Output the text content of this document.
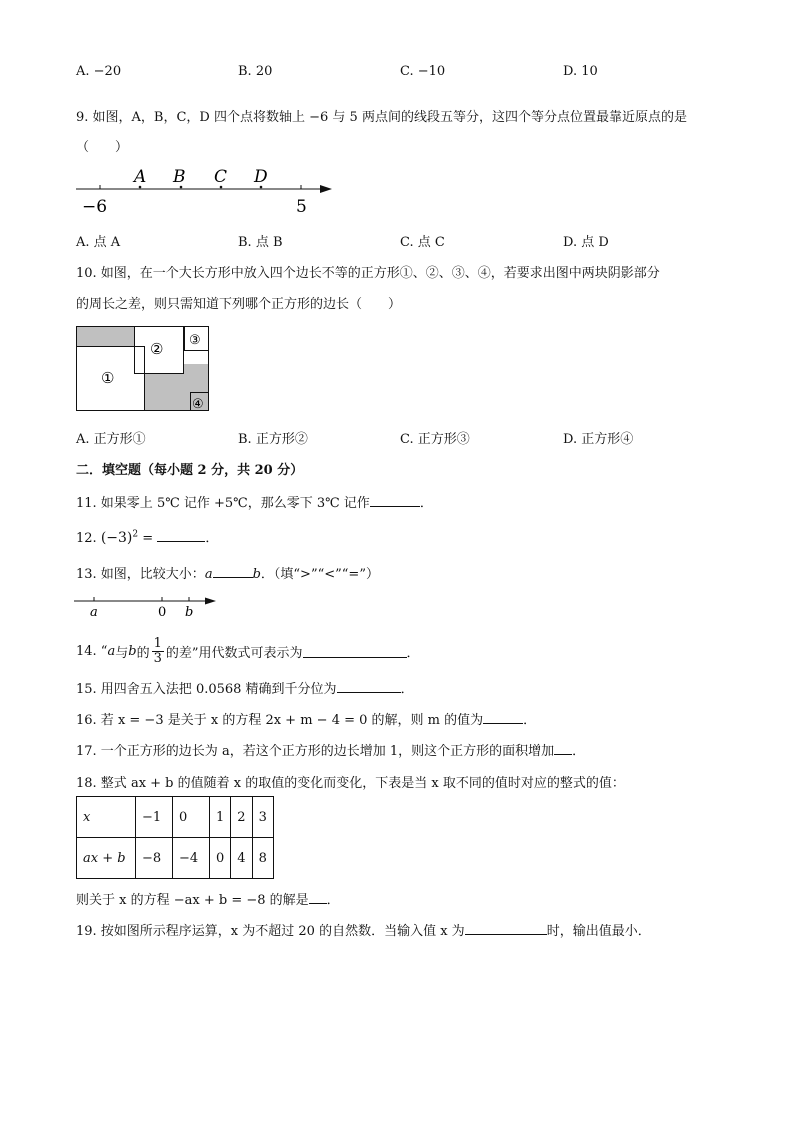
A. −20	B. 20	C. −10	D. 10
9. 如图，A，B，C，D 四个点将数轴上 −6 与 5 两点间的线段五等分，这四个等分点位置最靠近原点的是
（　　）
A B C D
−6	5
A. 点 A	B. 点 B	C. 点 C	D. 点 D
10. 如图，在一个大长方形中放入四个边长不等的正方形①、②、③、④，若要求出图中两块阴影部分
的周长之差，则只需知道下列哪个正方形的边长（　　）
①
② ③
④
A. 正方形①	B. 正方形②	C. 正方形③	D. 正方形④
二．填空题（每小题 2 分，共 20 分）
11. 如果零上 5℃ 记作 +5℃，那么零下 3℃ 记作	．
12. $(-3)^2$ =	．
13. 如图，比较大小：a	b．（填“>”“<”“=”）
a	0 b
14. “ a 与 b 的 $\frac{1}{3}$ 的差”用代数式可表示为	．
15. 用四舍五入法把 0.0568 精确到千分位为	．
16. 若 x = −3 是关于 x 的方程 2x + m − 4 = 0 的解，则 m 的值为	．
17. 一个正方形的边长为 a，若这个正方形的边长增加 1，则这个正方形的面积增加 ．
18. 整式 ax + b 的值随着 x 的取值的变化而变化，下表是当 x 取不同的值时对应的整式的值：
x	−1	0	1	2	3
ax + b	−8	−4	0	4	8
则关于 x 的方程 −ax + b = −8 的解是 ．
19. 按如图所示程序运算，x 为不超过 20 的自然数．当输入值 x 为	时，输出值最小．
